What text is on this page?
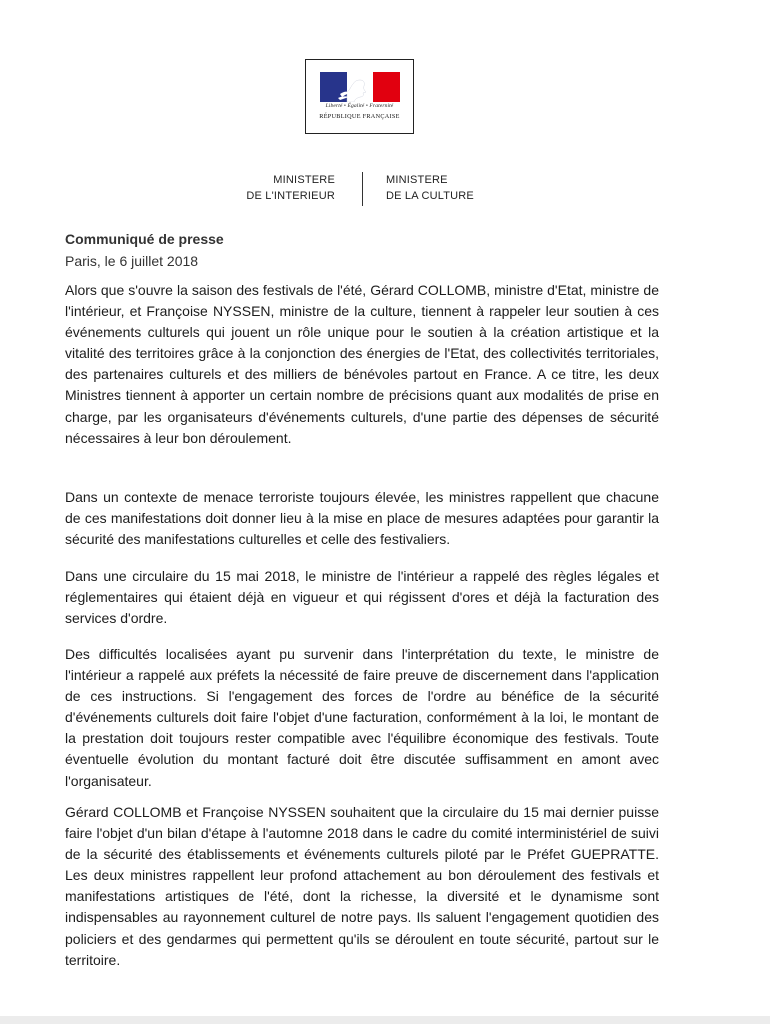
Liberté • Égalité • Fraternité
RÉPUBLIQUE FRANÇAISE
MINISTERE
DE L'INTERIEUR
MINISTERE
DE LA CULTURE
Communiqué de presse
Paris, le 6 juillet 2018

Alors que s'ouvre la saison des festivals de l'été, Gérard COLLOMB, ministre d'Etat, ministre de l'intérieur, et Françoise NYSSEN, ministre de la culture, tiennent à rappeler leur soutien à ces événements culturels qui jouent un rôle unique pour le soutien à la création artistique et la vitalité des territoires grâce à la conjonction des énergies de l'Etat, des collectivités territoriales, des partenaires culturels et des milliers de bénévoles partout en France. A ce titre, les deux Ministres tiennent à apporter un certain nombre de précisions quant aux modalités de prise en charge, par les organisateurs d'événements culturels, d'une partie des dépenses de sécurité nécessaires à leur bon déroulement.

Dans un contexte de menace terroriste toujours élevée, les ministres rappellent que chacune de ces manifestations doit donner lieu à la mise en place de mesures adaptées pour garantir la sécurité des manifestations culturelles et celle des festivaliers.

Dans une circulaire du 15 mai 2018, le ministre de l'intérieur a rappelé des règles légales et réglementaires qui étaient déjà en vigueur et qui régissent d'ores et déjà la facturation des services d'ordre.

Des difficultés localisées ayant pu survenir dans l'interprétation du texte, le ministre de l'intérieur a rappelé aux préfets la nécessité de faire preuve de discernement dans l'application de ces instructions. Si l'engagement des forces de l'ordre au bénéfice de la sécurité d'événements culturels doit faire l'objet d'une facturation, conformément à la loi, le montant de la prestation doit toujours rester compatible avec l'équilibre économique des festivals. Toute éventuelle évolution du montant facturé doit être discutée suffisamment en amont avec l'organisateur.

Gérard COLLOMB et Françoise NYSSEN souhaitent que la circulaire du 15 mai dernier puisse faire l'objet d'un bilan d'étape à l'automne 2018 dans le cadre du comité interministériel de suivi de la sécurité des établissements et événements culturels piloté par le Préfet GUEPRATTE. Les deux ministres rappellent leur profond attachement au bon déroulement des festivals et manifestations artistiques de l'été, dont la richesse, la diversité et le dynamisme sont indispensables au rayonnement culturel de notre pays. Ils saluent l'engagement quotidien des policiers et des gendarmes qui permettent qu'ils se déroulent en toute sécurité, partout sur le territoire.
